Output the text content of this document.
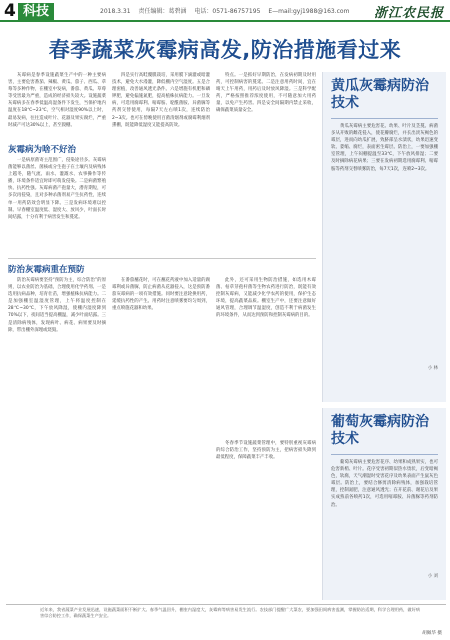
4 科技	2018.3.31 责任编辑：葛碧涵 电话：0571-86757195 E—mail:gyj1988@163.com	浙江农民报
春季蔬菜灰霉病高发,防治措施看过来

灰霉病是春季设施蔬菜生产中的一种主要病害，主要危害番茄、辣椒、黄瓜、茄子、西瓜、草莓等多种作物，在棚室中发病，番茄、黄瓜、草莓等受害最为严重，造成的经济损失较大。设施蔬菜灰霉病多在春季低温高湿条件下发生，当保护地内温度在18℃~23℃，空气相对湿度90%以上时，最易发病，往往造成叶片、花器及果实腐烂，严重时减产可达30%以上，甚至毁棚。

灰霉病为啥不好治

一是病原菌寄主范围广，侵染途径多。灰霉病菌能够以菌丝、菌核或分生孢子在土壤内及病残体上越冬，随气流、雨水、灌溉水、农事操作等传播，环境条件适宜时即可萌发侵染。二是病菌繁殖快、抗药性强。灰霉病菌产孢量大，潜育期短，可多次再侵染，且对多种杀菌剂易产生抗药性，连续单一用药防效会明显下降。三是发病环境难以控制。早春棚室温度低、湿度大、放风少，叶面长时间结露，十分有利于病害发生和蔓延。

防治灰霉病重在预防

防治灰霉病要坚持“预防为主，综合防治”的原则，以农业防治为基础，合理使用化学药剂。一是选用抗病品种，培育壮苗，增强植株抗病能力。二是加强棚室温湿度管理，上午将温度控制在28℃~30℃，下午放风降湿，使棚内湿度降到70%以下，夜间适当提高棚温，减少叶面结露。三是清除病残体，发现病叶、病花、病果要及时摘除，带出棚外深埋或烧毁。

四是实行高畦覆膜栽培，采用膜下滴灌或暗灌技术，避免大水漫灌，降低棚内空气湿度。五是合理密植，改善通风透光条件。六是增施有机肥和磷钾肥，避免偏施氮肥，提高植株抗病能力。一旦发病，可选用腐霉利、嘧霉胺、啶酰菌胺、异菌脲等药剂交替使用，每隔7天左右喷1次，连续防治2~3次。也可在傍晚使用百菌清烟剂或腐霉利烟剂熏棚，既能降低湿度又能提高防效。

在番茄蘸花时，可在蘸花药液中加入适量的腐霉利或异菌脲，防止病菌从花器侵入，这是预防番茄灰霉病的一项有效措施。同时要注意轮换用药，延缓抗药性的产生。用药时注意喷雾要均匀周到，重点喷施花器和幼果。

特点。一是抓好早期防治，在发病初期及时用药，可控制病害的蔓延。二是注意用药时间，宜在晴天上午用药，用药后及时放风降湿。三是科学配药，严格按照推荐浓度使用，不可随意加大用药量，以免产生药害。四是安全间隔期内禁止采收，确保蔬菜质量安全。

此外，还可采用生物防治措施，如选用木霉菌、枯草芽孢杆菌等生物农药进行防治，既能有效控制灰霉病，又能减少化学农药的使用，保护生态环境，提高蔬菜品质。棚室生产中，还要注意做好通风管理，合理调节温湿度，创造不利于病菌发生的环境条件，从而达到预防和控制灰霉病的目的。

冬春季节设施蔬菜管理中，要特别重视灰霉病的综合防治工作，坚持预防为主，把病害损失降到最低程度，保障蔬菜丰产丰收。

黄瓜灰霉病防治技术

黄瓜灰霉病主要危害花、幼果、叶片及茎蔓。病菌多从开败的雌花侵入，使花瓣腐烂，并长出淡灰褐色的霉层，进而向幼瓜扩展，致脐部呈水渍状，幼果迅速变软、萎缩、腐烂，表面密生霉层。防治上，一要加强棚室管理，上午闷棚提温至33℃，下午放风排湿；二要及时摘除病花病果；三要在发病初期选用腐霉利、嘧霉胺等药剂交替喷雾防治，每7天1次，连喷2~3次。

小 林
葡萄灰霉病防治技术

葡萄灰霉病主要危害花序、幼果和成熟果实，也可危害新梢、叶片。花序受害初期似热水烫状，后变暗褐色，软腐，天气潮湿时受害花序及幼果表面产生鼠灰色霉层。防治上，要结合修剪清除病残体，加强栽培管理，控制氮肥，注意通风透光；在开花前、谢花后及果实成熟前各喷药1次，可选用嘧霉胺、异菌脲等药剂防治。

小 刘
近年来，我省蔬菜产业发展迅速，设施蔬菜面积不断扩大。春季气温回升，棚室内湿度大，灰霉病等病害易发生流行。农技部门提醒广大菜农，要加强田间病害监测，掌握防治适期，科学合理用药，做好病害综合防控工作，确保蔬菜生产安全。
胡佩华 摄
